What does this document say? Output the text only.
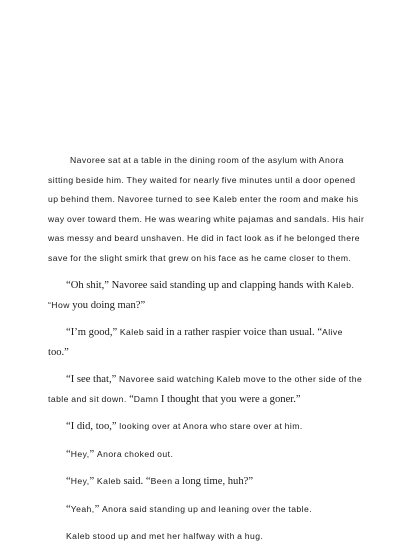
Navoree sat at a table in the dining room of the asylum with Anora sitting beside him. They waited for nearly five minutes until a door opened up behind them. Navoree turned to see Kaleb enter the room and make his way over toward them. He was wearing white pajamas and sandals. His hair was messy and beard unshaven. He did in fact look as if he belonged there save for the slight smirk that grew on his face as he came closer to them.

“Oh shit,” Navoree said standing up and clapping hands with Kaleb. “How you doing man?”

“I’m good,” Kaleb said in a rather raspier voice than usual. “Alive too.”

“I see that,” Navoree said watching Kaleb move to the other side of the table and sit down. “Damn I thought that you were a goner.”

“I did, too,” looking over at Anora who stare over at him.

“Hey,” Anora choked out.

“Hey,” Kaleb said. “Been a long time, huh?”

“Yeah,” Anora said standing up and leaning over the table.

Kaleb stood up and met her halfway with a hug.
